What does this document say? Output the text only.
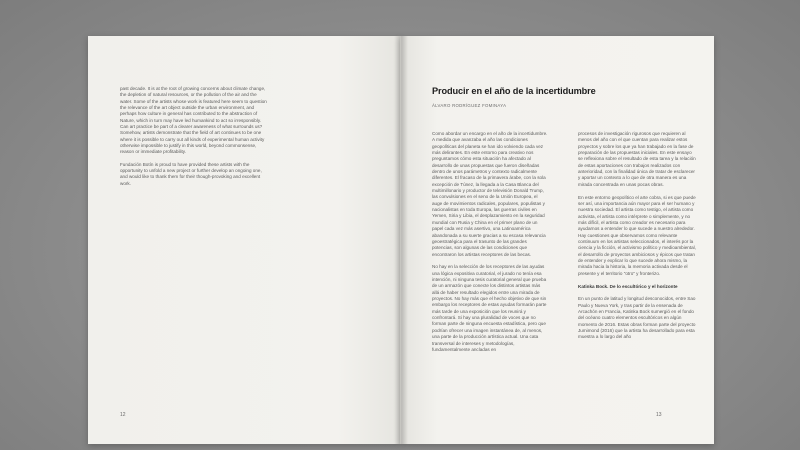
past decade. It is at the root of growing concerns about climate change, the depletion of natural resources, or the pollution of the air and the water. Some of the artists whose work is featured here seem to question the relevance of the art object outside the urban environment, and perhaps how culture in general has contributed to the abstraction of Nature, which in turn may have led humankind to act so irresponsibly. Can art practice be part of a clearer awareness of what surrounds us? Somehow, artists demonstrate that the field of art continues to be one where it is possible to carry out all kinds of experimental human activity otherwise impossible to justify in this world, beyond commonsense, reason or immediate profitability.

Fundación Botín is proud to have provided these artists with the opportunity to unfold a new project or further develop an ongoing one, and would like to thank them for their though-provoking and excellent work.

12
Producir en el año de la incertidumbre
ÁLVARO RODRÍGUEZ FOMINAYA

Como abordar un encargo en el año de la incertidumbre. A medida que avanzaba el año las condiciones geopolíticas del planeta se han ido volviendo cada vez más delirantes. En este entorno para creativo nos preguntamos cómo esta situación ha afectado al desarrollo de unas propuestas que fueron diseñadas dentro de unos parámetros y contexto radicalmente diferentes. El fracaso de la primavera árabe, con la sola excepción de Túnez, la llegada a la Casa Blanca del multimillonario y productor de televisión Donald Trump, las convulsiones en el seno de la Unión Europea, el auge de movimientos radicales, populares, populistas y nacionalistas en toda Europa, las guerras civiles en Yemen, Siria y Libia, el desplazamiento en la seguridad mundial con Rusia y China en el primer plano de un papel cada vez más asertivo, una Latinoamérica abandonada a su suerte gracias a su escasa relevancia geoestratégica para el trasunto de las grandes potencias, son algunas de las condiciones que encontraron los artistas receptores de las becas.

No hay en la selección de los receptores de las ayudas una lógica expositiva curatorial, el jurado no tenía esa intención, ni ninguna tesis curatorial general que prueba de un armazón que conecte los distintos artistas más allá de haber resultado elegidos entre una mirada de proyectos. No hay más que el hecho objetivo de que sin embargo los receptores de estas ayudas formarán parte más tarde de una exposición que los reunirá y confrontará. Si hay una pluralidad de voces que no forman parte de ninguna encuesta estadística, pero que podrían ofrecer una imagen instantánea de, al menos, una parte de la producción artística actual. Una cata transversal de intereses y metodologías, fundamentalmente ancladas en

procesos de investigación rigurosos que requieren al menos del año con el que cuentan para realizar estos proyectos y sobre los que ya han trabajado en la fase de preparación de las propuestas iniciales. En este ensayo se reflexiona sobre el resultado de esta tarea y la relación de estas aportaciones con trabajos realizados con anterioridad, con la finalidad única de tratar de esclarecer y aportar un contexto a lo que de otra manera es una mirada concentrada en unas pocas obras.

En este entorno geopolítico el arte cobra, si es que puede ser así, una importancia aún mayor para el ser humano y nuestra sociedad. El artista como testigo, el artista como activista, el artista como intérprete o simplemente, y no más difícil, el artista como creador es necesario para ayudarnos a entender lo que sucede a nuestro alrededor. Hay cuestiones que observamos como relevante continuum en los artistas seleccionados, el interés por la ciencia y la ficción, el activismo político y medioambiental, el desarrollo de proyectos ambiciosos y épicos que tratan de entender y explicar lo que sucede ahora mismo, la mirada hacia la historia, la memoria activada desde el presente y el territorio "otro" y fronterizo.

Katinka Bock. De lo escultórico y el horizonte

En un punto de latitud y longitud desconocidos, entre Sao Paulo y Nueva York, y tras partir de la ensenada de Arcachón en Francia, Katinka Bock sumergió en el fondo del océano cuatro elementos escultóricos en algún momento de 2016. Estas obras forman parte del proyecto Jumimond (2016) que la artista ha desarrollado para esta muestra a lo largo del año

13
